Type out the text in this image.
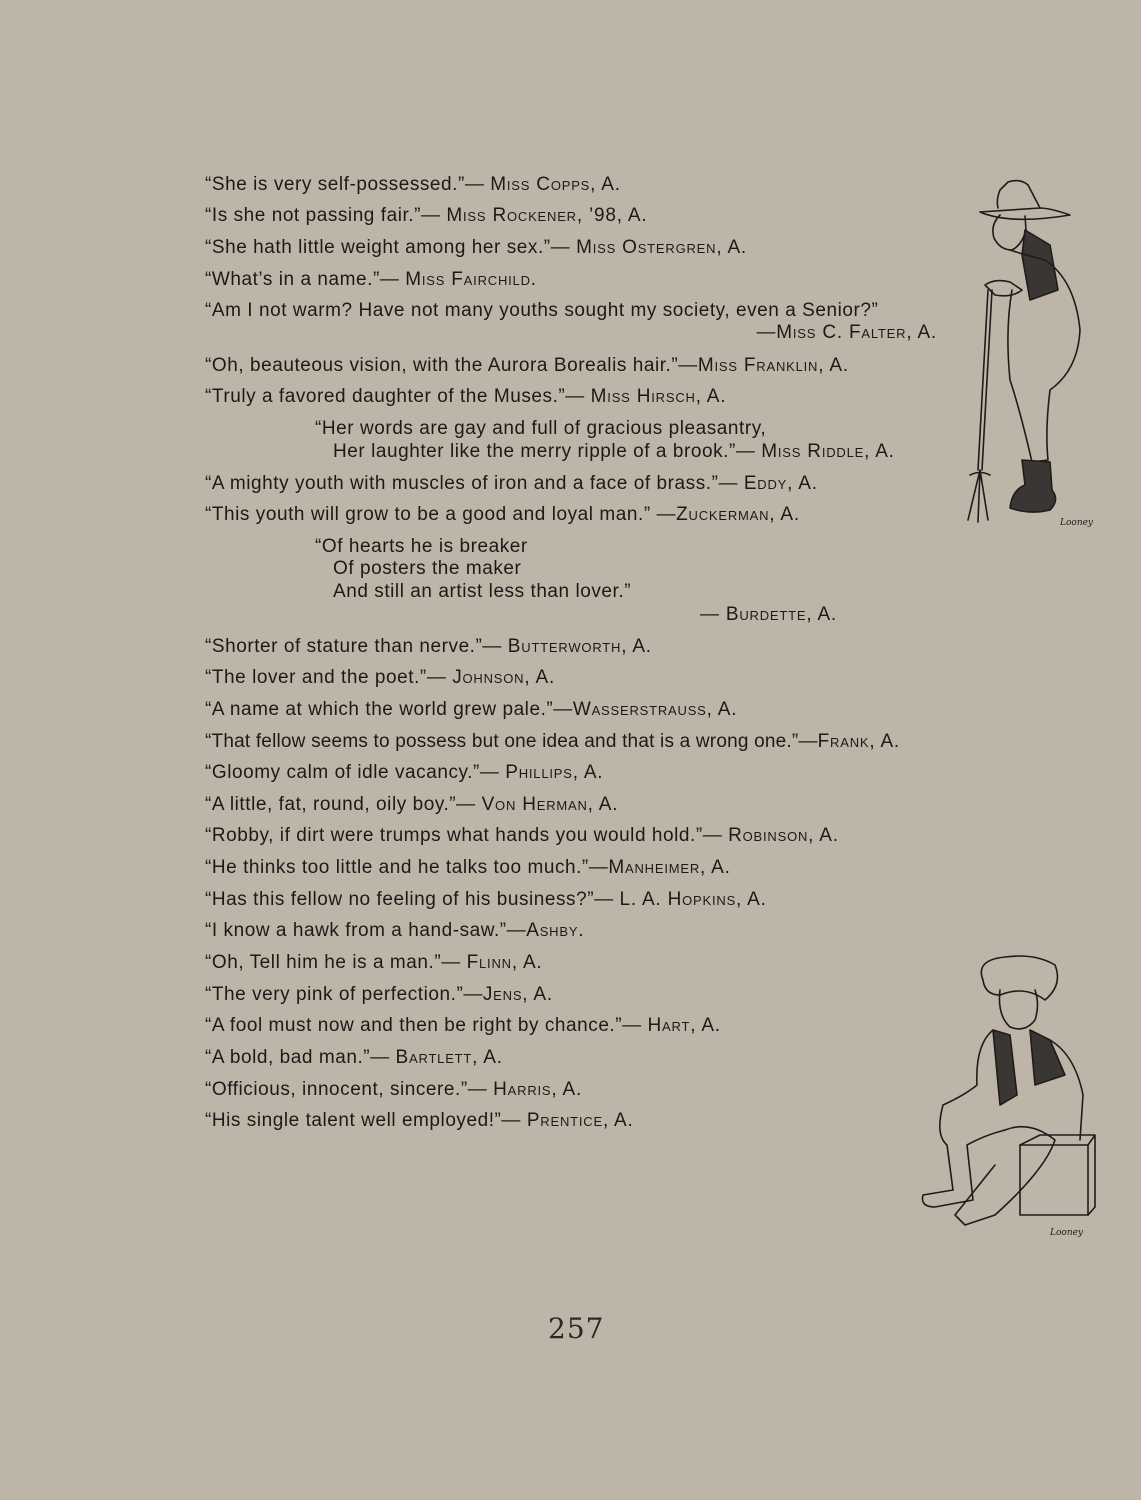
“She is very self-possessed.”— Miss Copps, A.
“Is she not passing fair.”— Miss Rockener, ’98, A.
“She hath little weight among her sex.”— Miss Ostergren, A.
“What’s in a name.”— Miss Fairchild.
“Am I not warm? Have not many youths sought my society, even a Senior?”
—Miss C. Falter, A.
“Oh, beauteous vision, with the Aurora Borealis hair.”—Miss Franklin, A.
“Truly a favored daughter of the Muses.”— Miss Hirsch, A.
“Her words are gay and full of gracious pleasantry,
Her laughter like the merry ripple of a brook.”— Miss Riddle, A.
“A mighty youth with muscles of iron and a face of brass.”— Eddy, A.
“This youth will grow to be a good and loyal man.” —Zuckerman, A.
“Of hearts he is breaker
Of posters the maker
And still an artist less than lover.”
— Burdette, A.
“Shorter of stature than nerve.”— Butterworth, A.
“The lover and the poet.”— Johnson, A.
“A name at which the world grew pale.”—Wasserstrauss, A.
“That fellow seems to possess but one idea and that is a wrong one.”—Frank, A.
“Gloomy calm of idle vacancy.”— Phillips, A.
“A little, fat, round, oily boy.”— Von Herman, A.
“Robby, if dirt were trumps what hands you would hold.”— Robinson, A.
“He thinks too little and he talks too much.”—Manheimer, A.
“Has this fellow no feeling of his business?”— L. A. Hopkins, A.
“I know a hawk from a hand-saw.”—Ashby.
“Oh, Tell him he is a man.”— Flinn, A.
“The very pink of perfection.”—Jens, A.
“A fool must now and then be right by chance.”— Hart, A.
“A bold, bad man.”— Bartlett, A.
“Officious, innocent, sincere.”— Harris, A.
“His single talent well employed!”— Prentice, A.
Looney
Looney
257
